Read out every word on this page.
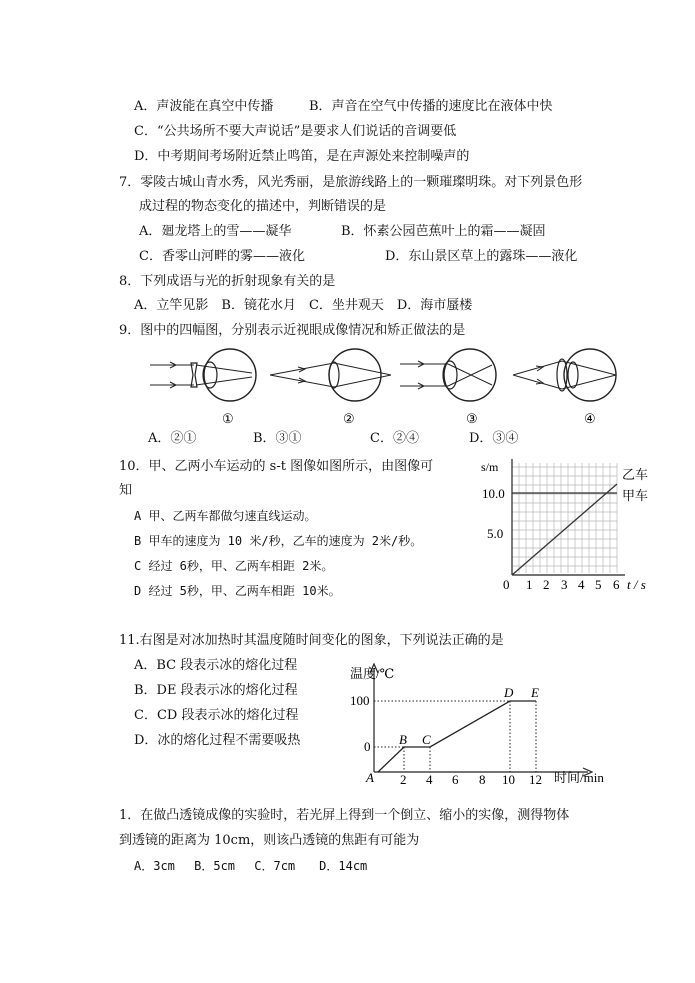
A．声波能在真空中传播	B．声音在空气中传播的速度比在液体中快
C．“公共场所不要大声说话”是要求人们说话的音调要低
D．中考期间考场附近禁止鸣笛，是在声源处来控制噪声的
7．零陵古城山青水秀，风光秀丽，是旅游线路上的一颗璀璨明珠。对下列景色形
成过程的物态变化的描述中，判断错误的是
A．廻龙塔上的雪——凝华	B．怀素公园芭蕉叶上的霜——凝固
C．香零山河畔的雾——液化	D．东山景区草上的露珠——液化
8．下列成语与光的折射现象有关的是
A．立竿见影　B．镜花水月　C．坐井观天　D．海市蜃楼
9．图中的四幅图，分别表示近视眼成像情况和矫正做法的是
①	②	③	④
A．②①	B．③①	C．②④	D．③④
10．甲、乙两小车运动的 s-t 图像如图所示，由图像可
知
A 甲、乙两车都做匀速直线运动。
B 甲车的速度为 10 米/秒，乙车的速度为 2米/秒。
C 经过 6秒，甲、乙两车相距 2米。
D 经过 5秒，甲、乙两车相距 10米。
s/m
10.0
5.0
0 1 2 3 4 5 6 t / s
乙车
甲车
11.右图是对冰加热时其温度随时间变化的图象，下列说法正确的是
A．BC 段表示冰的熔化过程
B．DE 段表示冰的熔化过程
C．CD 段表示冰的熔化过程
D．冰的熔化过程不需要吸热
温度/℃
100
0
A
B C
D E
2 4 6 8 10 12 时间/min
1．在做凸透镜成像的实验时，若光屏上得到一个倒立、缩小的实像，测得物体
到透镜的距离为 10cm，则该凸透镜的焦距有可能为
A．3cm　 B．5cm　 C．7cm　　D．14cm
